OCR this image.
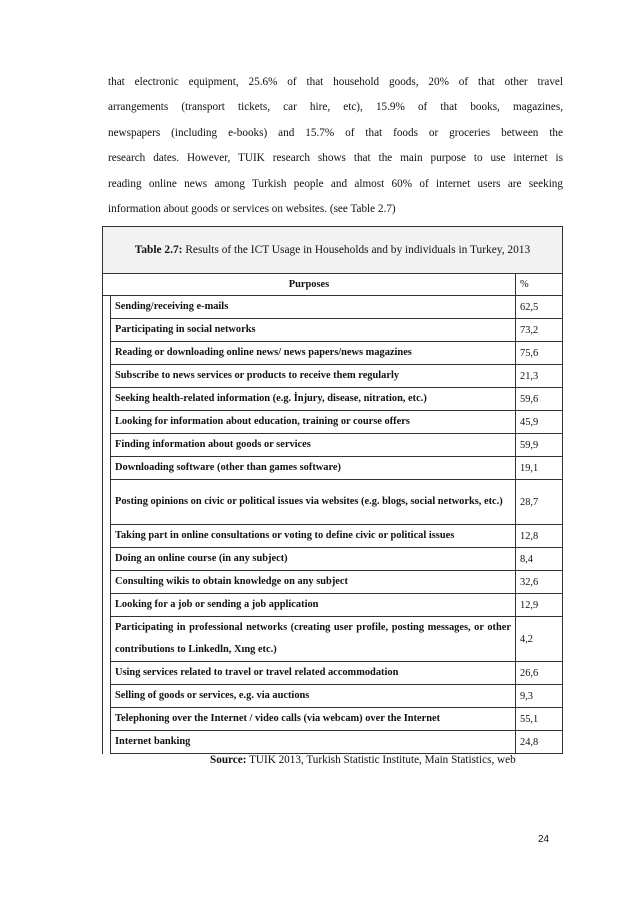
that electronic equipment, 25.6% of that household goods, 20% of that other travel
arrangements (transport tickets, car hire, etc), 15.9% of that books, magazines,
newspapers (including e-books) and 15.7% of that foods or groceries between the
research dates. However, TUIK research shows that the main purpose to use internet is
reading online news among Turkish people and almost 60% of internet users are seeking
information about goods or services on websites. (see Table 2.7)
Table 2.7: Results of the ICT Usage in Households and by individuals in Turkey, 2013		
Purposes		%
	Sending/receiving e-mails	62,5
	Participating in social networks	73,2
	Reading or downloading online news/ news papers/news magazines	75,6
	Subscribe to news services or products to receive them regularly	21,3
	Seeking health-related information (e.g. İnjury, disease, nitration, etc.)	59,6
	Looking for information about education, training or course offers	45,9
	Finding information about goods or services	59,9
	Downloading software (other than games software)	19,1
	Posting opinions on civic or political issues via websites (e.g. blogs, social networks, etc.)	28,7
	Taking part in online consultations or voting to define civic or political issues	12,8
	Doing an online course (in any subject)	8,4
	Consulting wikis to obtain knowledge on any subject	32,6
	Looking for a job or sending a job application	12,9
	Participating in professional networks (creating user profile, posting messages, or other contributions to Linkedln, Xıng etc.)	4,2
	Using services related to travel or travel related accommodation	26,6
	Selling of goods or services, e.g. via auctions	9,3
	Telephoning over the Internet / video calls (via webcam) over the Internet	55,1
	Internet banking	24,8
Source: TUIK 2013, Turkish Statistic Institute, Main Statistics, web
24
